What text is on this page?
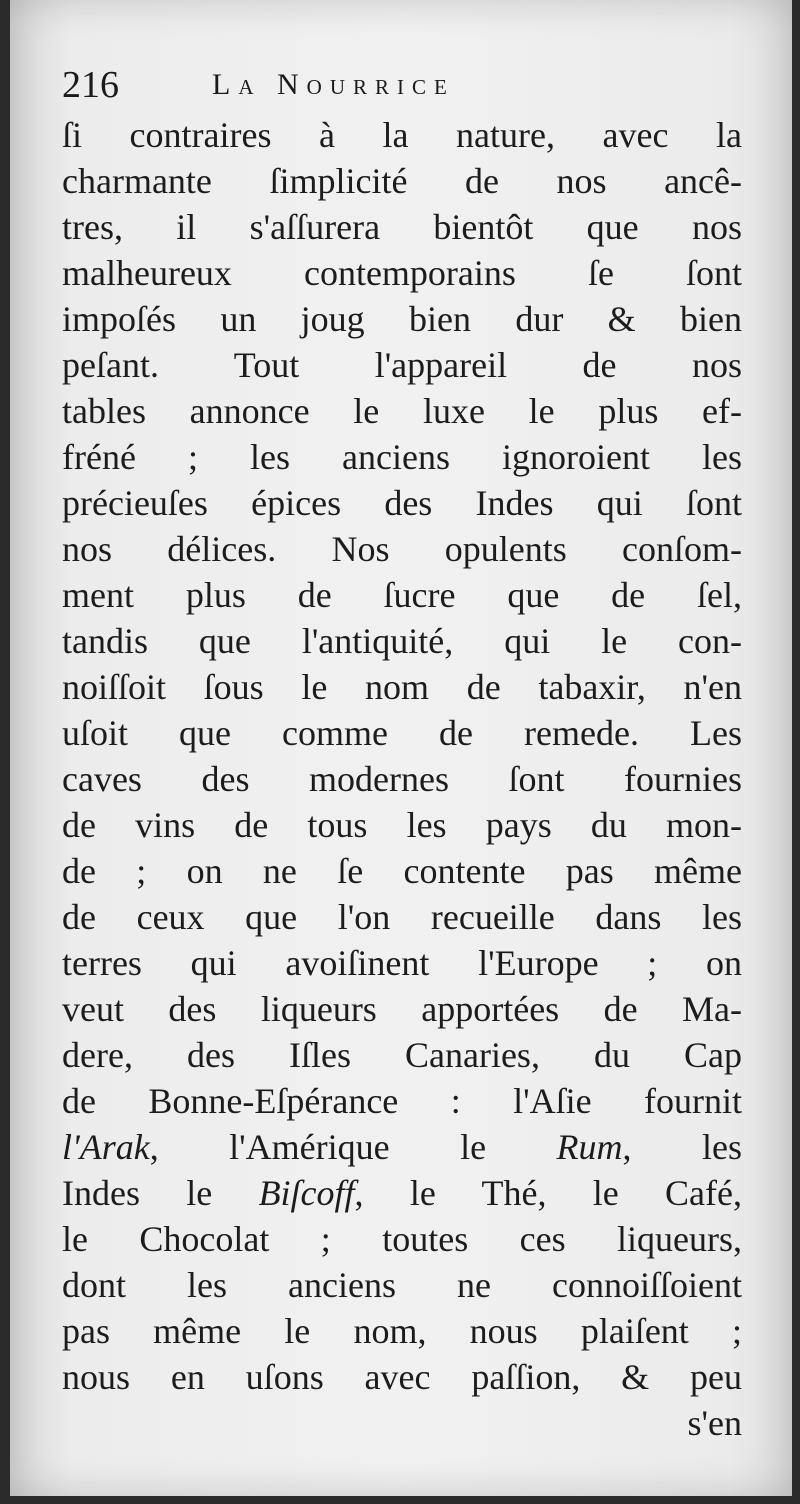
216	La Nourrice
ſi contraires à la nature, avec la
charmante ſimplicité de nos ancê-
tres, il s'aſſurera bientôt que nos
malheureux contemporains ſe ſont
impoſés un joug bien dur & bien
peſant. Tout l'appareil de nos
tables annonce le luxe le plus ef-
fréné ; les anciens ignoroient les
précieuſes épices des Indes qui ſont
nos délices. Nos opulents conſom-
ment plus de ſucre que de ſel,
tandis que l'antiquité, qui le con-
noiſſoit ſous le nom de tabaxir, n'en
uſoit que comme de remede. Les
caves des modernes ſont fournies
de vins de tous les pays du mon-
de ; on ne ſe contente pas même
de ceux que l'on recueille dans les
terres qui avoiſinent l'Europe ; on
veut des liqueurs apportées de Ma-
dere, des Iſles Canaries, du Cap
de Bonne-Eſpérance : l'Aſie fournit
l'Arak, l'Amérique le Rum, les
Indes le Biſcoff, le Thé, le Café,
le Chocolat ; toutes ces liqueurs,
dont les anciens ne connoiſſoient
pas même le nom, nous plaiſent ;
nous en uſons avec paſſion, & peu
s'en
